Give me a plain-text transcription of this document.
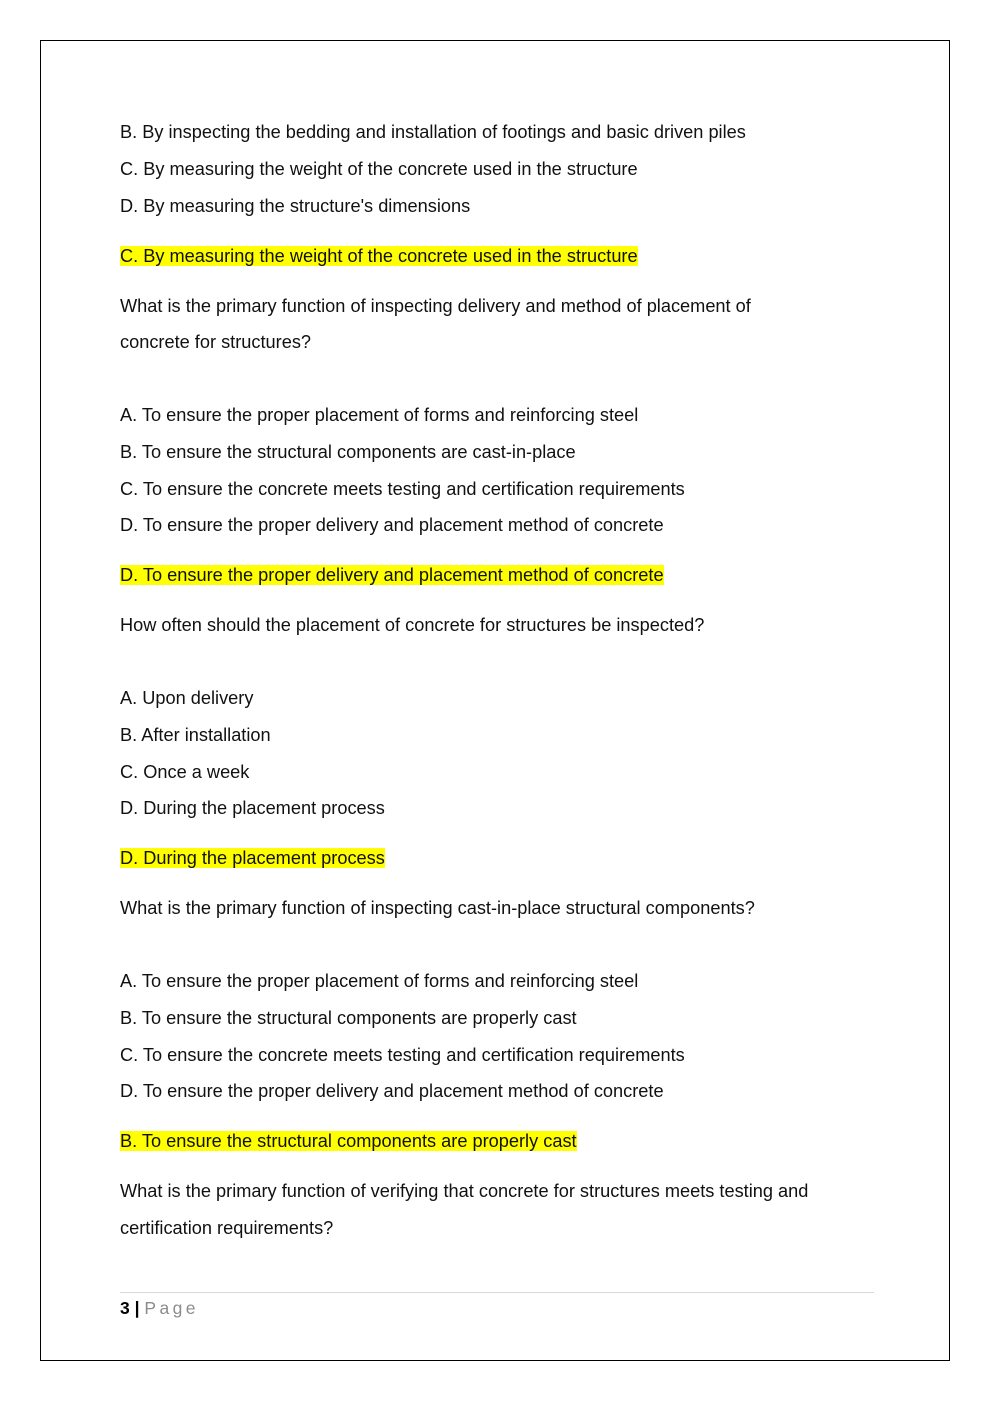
B. By inspecting the bedding and installation of footings and basic driven piles
C. By measuring the weight of the concrete used in the structure
D. By measuring the structure's dimensions
C. By measuring the weight of the concrete used in the structure
What is the primary function of inspecting delivery and method of placement of
concrete for structures?
A. To ensure the proper placement of forms and reinforcing steel
B. To ensure the structural components are cast-in-place
C. To ensure the concrete meets testing and certification requirements
D. To ensure the proper delivery and placement method of concrete
D. To ensure the proper delivery and placement method of concrete
How often should the placement of concrete for structures be inspected?
A. Upon delivery
B. After installation
C. Once a week
D. During the placement process
D. During the placement process
What is the primary function of inspecting cast-in-place structural components?
A. To ensure the proper placement of forms and reinforcing steel
B. To ensure the structural components are properly cast
C. To ensure the concrete meets testing and certification requirements
D. To ensure the proper delivery and placement method of concrete
B. To ensure the structural components are properly cast
What is the primary function of verifying that concrete for structures meets testing and
certification requirements?
3 | Page
